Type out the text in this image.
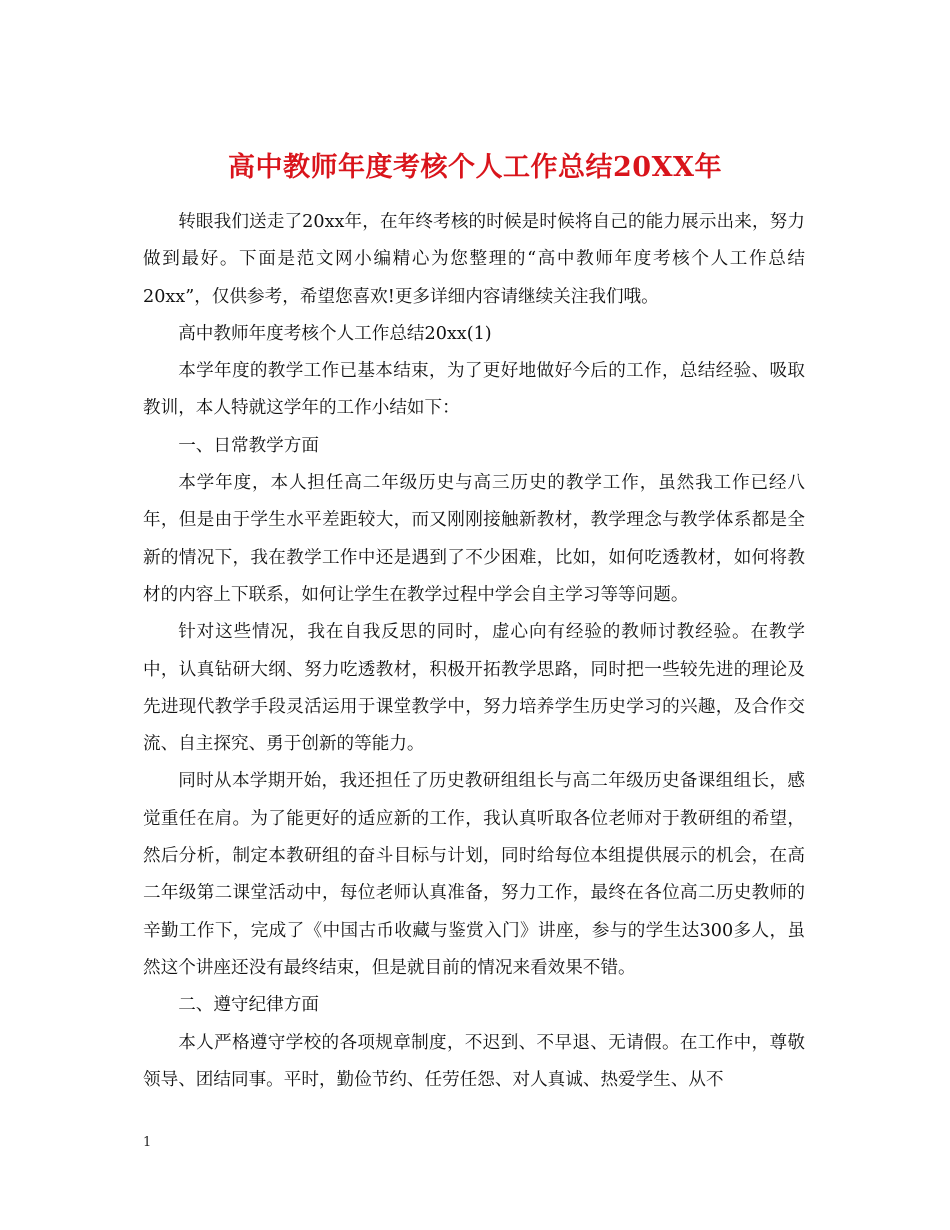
高中教师年度考核个人工作总结20XX年

转眼我们送走了20xx年，在年终考核的时候是时候将自己的能力展示出来，努力做到最好。下面是范文网小编精心为您整理的“高中教师年度考核个人工作总结20xx”，仅供参考，希望您喜欢!更多详细内容请继续关注我们哦。

高中教师年度考核个人工作总结20xx(1)

本学年度的教学工作已基本结束，为了更好地做好今后的工作，总结经验、吸取教训，本人特就这学年的工作小结如下：

一、日常教学方面

本学年度，本人担任高二年级历史与高三历史的教学工作，虽然我工作已经八年，但是由于学生水平差距较大，而又刚刚接触新教材，教学理念与教学体系都是全新的情况下，我在教学工作中还是遇到了不少困难，比如，如何吃透教材，如何将教材的内容上下联系，如何让学生在教学过程中学会自主学习等等问题。

针对这些情况，我在自我反思的同时，虚心向有经验的教师讨教经验。在教学中，认真钻研大纲、努力吃透教材，积极开拓教学思路，同时把一些较先进的理论及先进现代教学手段灵活运用于课堂教学中，努力培养学生历史学习的兴趣，及合作交流、自主探究、勇于创新的等能力。

同时从本学期开始，我还担任了历史教研组组长与高二年级历史备课组组长，感觉重任在肩。为了能更好的适应新的工作，我认真听取各位老师对于教研组的希望，然后分析，制定本教研组的奋斗目标与计划，同时给每位本组提供展示的机会，在高二年级第二课堂活动中，每位老师认真准备，努力工作，最终在各位高二历史教师的辛勤工作下，完成了《中国古币收藏与鉴赏入门》讲座，参与的学生达300多人，虽然这个讲座还没有最终结束，但是就目前的情况来看效果不错。

二、遵守纪律方面

本人严格遵守学校的各项规章制度，不迟到、不早退、无请假。在工作中，尊敬领导、团结同事。平时，勤俭节约、任劳任怨、对人真诚、热爱学生、从不

1
